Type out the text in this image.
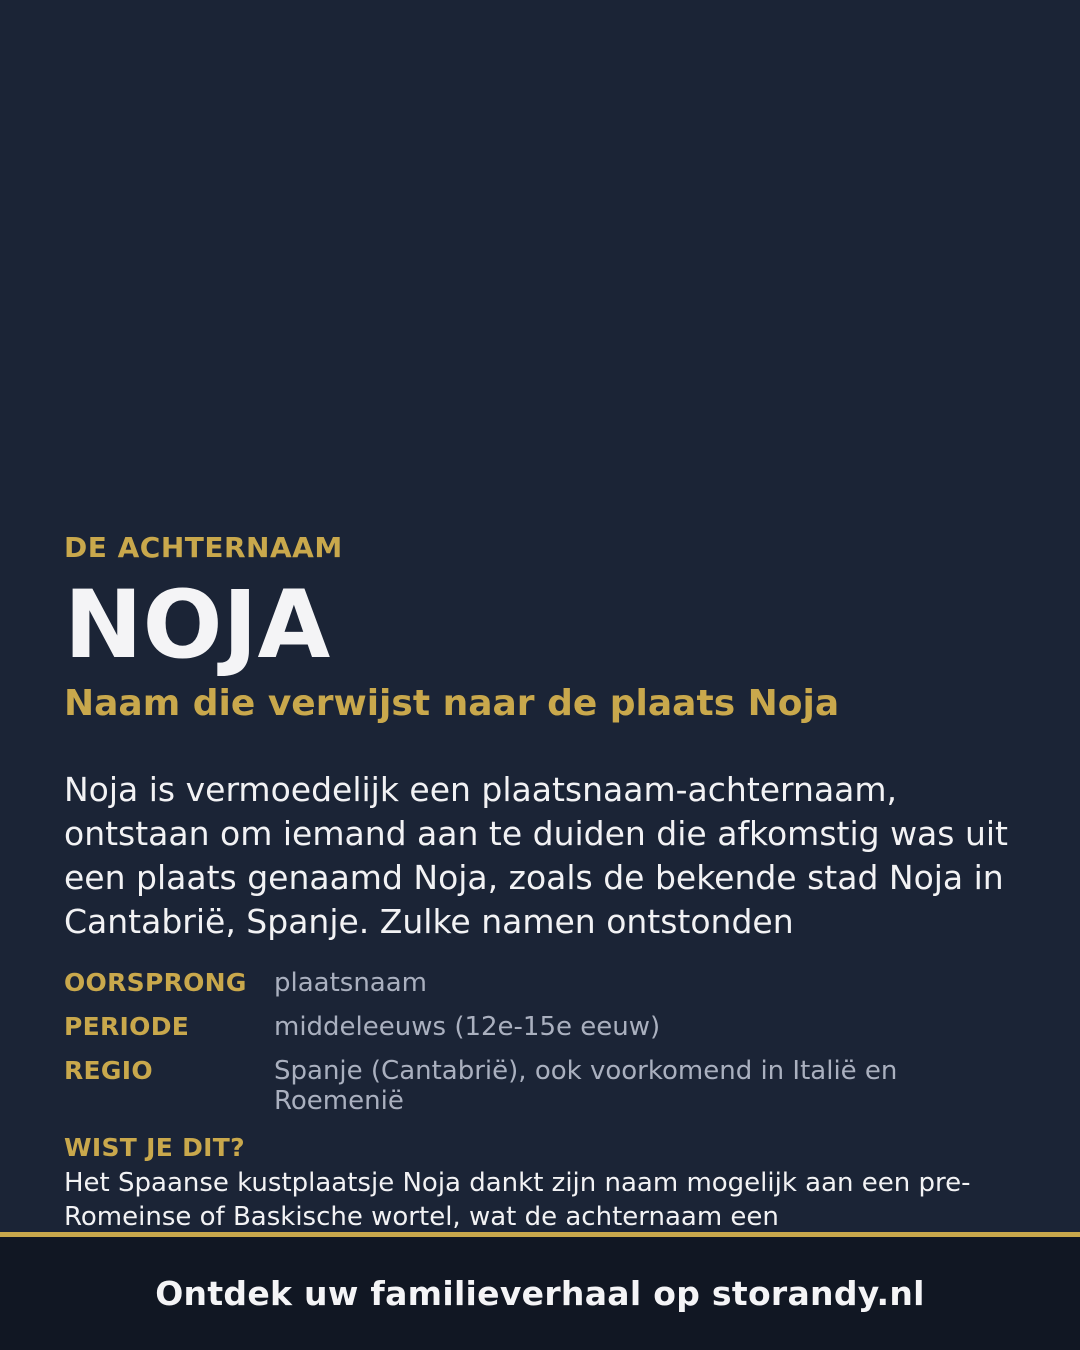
DE ACHTERNAAM
NOJA
Naam die verwijst naar de plaats Noja
Noja is vermoedelijk een plaatsnaam-achternaam, ontstaan om iemand aan te duiden die afkomstig was uit een plaats genaamd Noja, zoals de bekende stad Noja in Cantabrië, Spanje. Zulke namen ontstonden
OORSPRONG	plaatsnaam
PERIODE	middeleeuws (12e-15e eeuw)
REGIO	Spanje (Cantabrië), ook voorkomend in Italië en Roemenië
WIST JE DIT?
Het Spaanse kustplaatsje Noja dankt zijn naam mogelijk aan een pre-Romeinse of Baskische wortel, wat de achternaam een
Ontdek uw familieverhaal op storandy.nl
